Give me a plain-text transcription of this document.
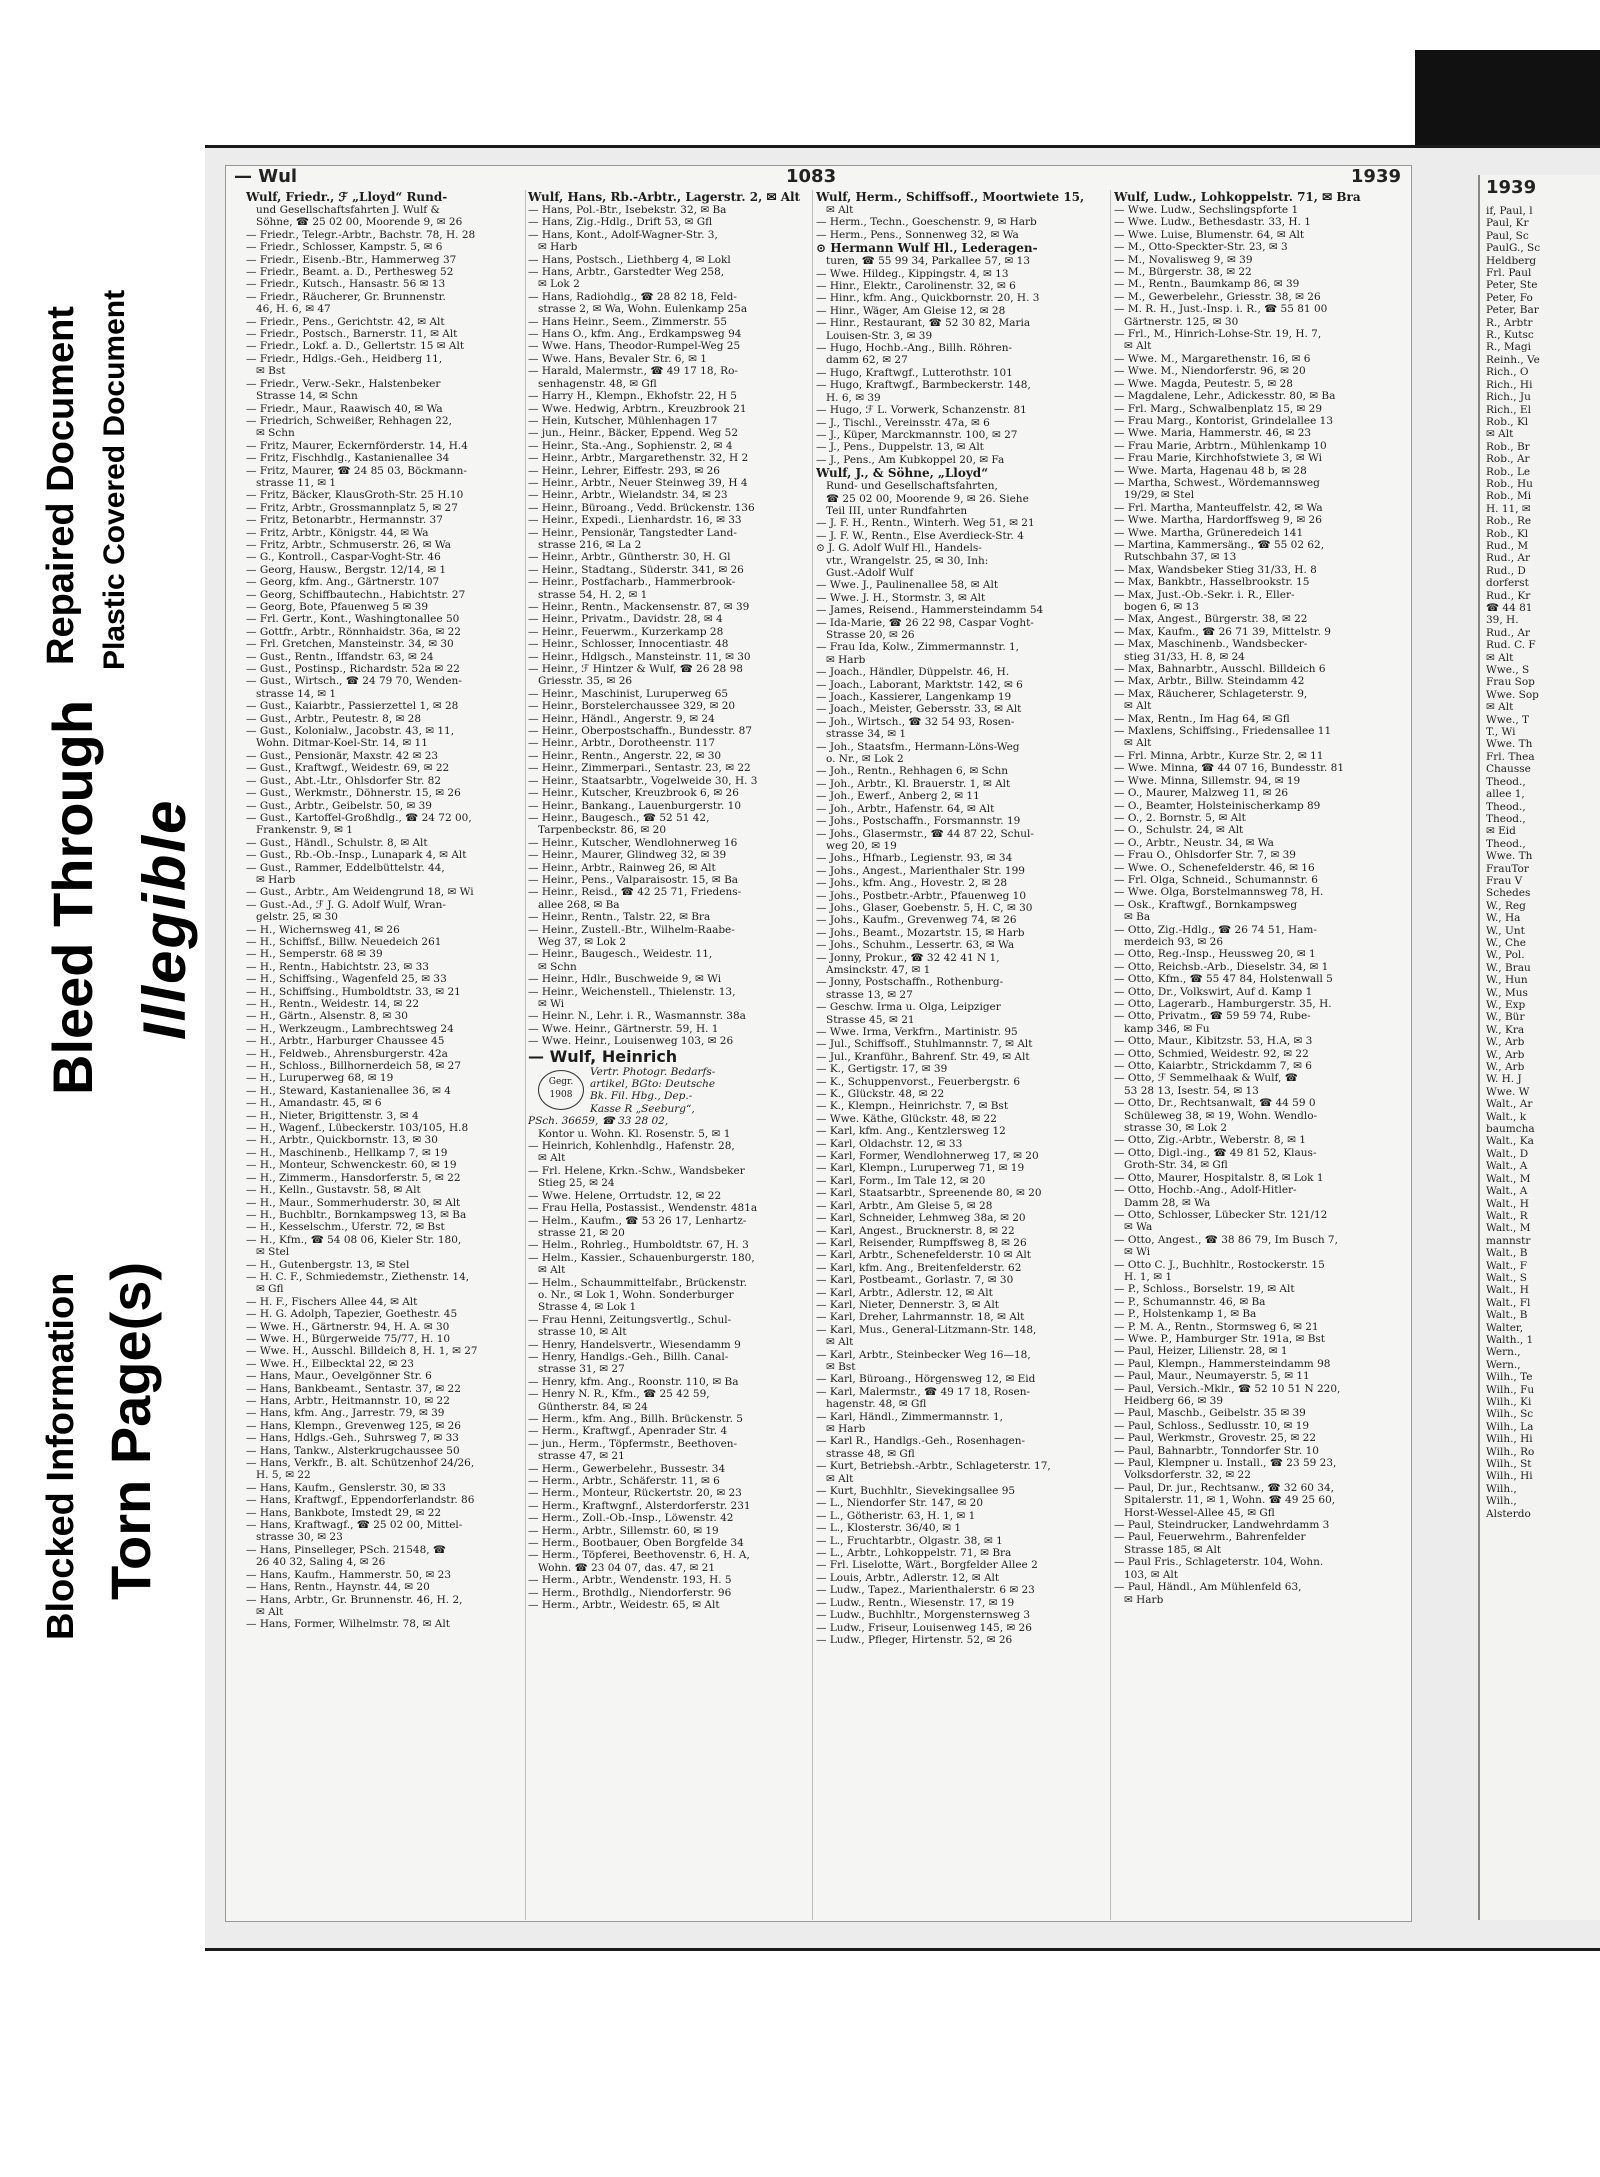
Blocked Information Torn Page(s)
Bleed Through Illegible
Repaired Document Plastic Covered Document
— Wul	1083	1939
Wulf, Friedr., ℱ „Lloyd“ Rund-
und Gesellschaftsfahrten J. Wulf &
Söhne, ☎ 25 02 00, Moorende 9, ✉ 26
— Friedr., Telegr.-Arbtr., Bachstr. 78, H. 28
— Friedr., Schlosser, Kampstr. 5, ✉ 6
— Friedr., Eisenb.-Btr., Hammerweg 37
— Friedr., Beamt. a. D., Perthesweg 52
— Friedr., Kutsch., Hansastr. 56 ✉ 13
— Friedr., Räucherer, Gr. Brunnenstr.
46, H. 6, ✉ 47
— Friedr., Pens., Gerichtstr. 42, ✉ Alt
— Friedr., Postsch., Barnerstr. 11, ✉ Alt
— Friedr., Lokf. a. D., Gellertstr. 15 ✉ Alt
— Friedr., Hdlgs.-Geh., Heidberg 11,
✉ Bst
— Friedr., Verw.-Sekr., Halstenbeker
Strasse 14, ✉ Schn
— Friedr., Maur., Raawisch 40, ✉ Wa
— Friedrich, Schweißer, Rehhagen 22,
✉ Schn
— Fritz, Maurer, Eckernförderstr. 14, H.4
— Fritz, Fischhdlg., Kastanienallee 34
— Fritz, Maurer, ☎ 24 85 03, Böckmann-
strasse 11, ✉ 1
— Fritz, Bäcker, KlausGroth-Str. 25 H.10
— Fritz, Arbtr., Grossmannplatz 5, ✉ 27
— Fritz, Betonarbtr., Hermannstr. 37
— Fritz, Arbtr., Königstr. 44, ✉ Wa
— Fritz, Arbtr., Schmuserstr. 26, ✉ Wa
— G., Kontroll., Caspar-Voght-Str. 46
— Georg, Hausw., Bergstr. 12/14, ✉ 1
— Georg, kfm. Ang., Gärtnerstr. 107
— Georg, Schiffbautechn., Habichtstr. 27
— Georg, Bote, Pfauenweg 5 ✉ 39
— Frl. Gertr., Kont., Washingtonallee 50
— Gottfr., Arbtr., Rönnhaidstr. 36a, ✉ 22
— Frl. Gretchen, Mansteinstr. 34, ✉ 30
— Gust., Rentn., Iffandstr. 63, ✉ 24
— Gust., Postinsp., Richardstr. 52a ✉ 22
— Gust., Wirtsch., ☎ 24 79 70, Wenden-
strasse 14, ✉ 1
— Gust., Kaiarbtr., Passierzettel 1, ✉ 28
— Gust., Arbtr., Peutestr. 8, ✉ 28
— Gust., Kolonialw., Jacobstr. 43, ✉ 11,
Wohn. Ditmar-Koel-Str. 14, ✉ 11
— Gust., Pensionär, Maxstr. 42 ✉ 23
— Gust., Kraftwgf., Weidestr. 69, ✉ 22
— Gust., Abt.-Ltr., Ohlsdorfer Str. 82
— Gust., Werkmstr., Döhnerstr. 15, ✉ 26
— Gust., Arbtr., Geibelstr. 50, ✉ 39
— Gust., Kartoffel-Großhdlg., ☎ 24 72 00,
Frankenstr. 9, ✉ 1
— Gust., Händl., Schulstr. 8, ✉ Alt
— Gust., Rb.-Ob.-Insp., Lunapark 4, ✉ Alt
— Gust., Rammer, Eddelbüttelstr. 44,
✉ Harb
— Gust., Arbtr., Am Weidengrund 18, ✉ Wi
— Gust.-Ad., ℱ J. G. Adolf Wulf, Wran-
gelstr. 25, ✉ 30
— H., Wichernsweg 41, ✉ 26
— H., Schiffsf., Billw. Neuedeich 261
— H., Semperstr. 68 ✉ 39
— H., Rentn., Habichtstr. 23, ✉ 33
— H., Schiffsing., Wagenfeld 25, ✉ 33
— H., Schiffsing., Humboldtstr. 33, ✉ 21
— H., Rentn., Weidestr. 14, ✉ 22
— H., Gärtn., Alsenstr. 8, ✉ 30
— H., Werkzeugm., Lambrechtsweg 24
— H., Arbtr., Harburger Chaussee 45
— H., Feldweb., Ahrensburgerstr. 42a
— H., Schloss., Billhornerdeich 58, ✉ 27
— H., Luruperweg 68, ✉ 19
— H., Steward, Kastanienallee 36, ✉ 4
— H., Amandastr. 45, ✉ 6
— H., Nieter, Brigittenstr. 3, ✉ 4
— H., Wagenf., Lübeckerstr. 103/105, H.8
— H., Arbtr., Quickbornstr. 13, ✉ 30
— H., Maschinenb., Hellkamp 7, ✉ 19
— H., Monteur, Schwenckestr. 60, ✉ 19
— H., Zimmerm., Hansdorferstr. 5, ✉ 22
— H., Kelln., Gustavstr. 58, ✉ Alt
— H., Maur., Sommerhuderstr. 30, ✉ Alt
— H., Buchbltr., Bornkampsweg 13, ✉ Ba
— H., Kesselschm., Uferstr. 72, ✉ Bst
— H., Kfm., ☎ 54 08 06, Kieler Str. 180,
✉ Stel
— H., Gutenbergstr. 13, ✉ Stel
— H. C. F., Schmiedemstr., Ziethenstr. 14,
✉ Gfl
— H. F., Fischers Allee 44, ✉ Alt
— H. G. Adolph, Tapezier, Goethestr. 45
— Wwe. H., Gärtnerstr. 94, H. A. ✉ 30
— Wwe. H., Bürgerweide 75/77, H. 10
— Wwe. H., Ausschl. Billdeich 8, H. 1, ✉ 27
— Wwe. H., Eilbecktal 22, ✉ 23
— Hans, Maur., Oevelgönner Str. 6
— Hans, Bankbeamt., Sentastr. 37, ✉ 22
— Hans, Arbtr., Heitmannstr. 10, ✉ 22
— Hans, kfm. Ang., Jarrestr. 79, ✉ 39
— Hans, Klempn., Grevenweg 125, ✉ 26
— Hans, Hdlgs.-Geh., Suhrsweg 7, ✉ 33
— Hans, Tankw., Alsterkrugchaussee 50
— Hans, Verkfr., B. alt. Schützenhof 24/26,
H. 5, ✉ 22
— Hans, Kaufm., Genslerstr. 30, ✉ 33
— Hans, Kraftwgf., Eppendorferlandstr. 86
— Hans, Bankbote, Imstedt 29, ✉ 22
— Hans, Kraftwagf., ☎ 25 02 00, Mittel-
strasse 30, ✉ 23
— Hans, Pinselleger, PSch. 21548, ☎
26 40 32, Saling 4, ✉ 26
— Hans, Kaufm., Hammerstr. 50, ✉ 23
— Hans, Rentn., Haynstr. 44, ✉ 20
— Hans, Arbtr., Gr. Brunnenstr. 46, H. 2,
✉ Alt
— Hans, Former, Wilhelmstr. 78, ✉ Alt
Wulf, Hans, Rb.-Arbtr., Lagerstr. 2, ✉ Alt
— Hans, Pol.-Btr., Isebekstr. 32, ✉ Ba
— Hans, Zig.-Hdlg., Drift 53, ✉ Gfl
— Hans, Kont., Adolf-Wagner-Str. 3,
✉ Harb
— Hans, Postsch., Liethberg 4, ✉ Lokl
— Hans, Arbtr., Garstedter Weg 258,
✉ Lok 2
— Hans, Radiohdlg., ☎ 28 82 18, Feld-
strasse 2, ✉ Wa, Wohn. Eulenkamp 25a
— Hans Heinr., Seem., Zimmerstr. 55
— Hans O., kfm. Ang., Erdkampsweg 94
— Wwe. Hans, Theodor-Rumpel-Weg 25
— Wwe. Hans, Bevaler Str. 6, ✉ 1
— Harald, Malermstr., ☎ 49 17 18, Ro-
senhagenstr. 48, ✉ Gfl
— Harry H., Klempn., Ekhofstr. 22, H 5
— Wwe. Hedwig, Arbtrn., Kreuzbrook 21
— Hein, Kutscher, Mühlenhagen 17
— jun., Heinr., Bäcker, Eppend. Weg 52
— Heinr., Sta.-Ang., Sophienstr. 2, ✉ 4
— Heinr., Arbtr., Margarethenstr. 32, H 2
— Heinr., Lehrer, Eiffestr. 293, ✉ 26
— Heinr., Arbtr., Neuer Steinweg 39, H 4
— Heinr., Arbtr., Wielandstr. 34, ✉ 23
— Heinr., Büroang., Vedd. Brückenstr. 136
— Heinr., Expedi., Lienhardstr. 16, ✉ 33
— Heinr., Pensionär, Tangstedter Land-
strasse 216, ✉ La 2
— Heinr., Arbtr., Güntherstr. 30, H. Gl
— Heinr., Stadtang., Süderstr. 341, ✉ 26
— Heinr., Postfacharb., Hammerbrook-
strasse 54, H. 2, ✉ 1
— Heinr., Rentn., Mackensenstr. 87, ✉ 39
— Heinr., Privatm., Davidstr. 28, ✉ 4
— Heinr., Feuerwm., Kurzerkamp 28
— Heinr., Schlosser, Innocentiastr. 48
— Heinr., Hdlgsch., Mansteinstr. 11, ✉ 30
— Heinr., ℱ Hintzer & Wulf, ☎ 26 28 98
Griesstr. 35, ✉ 26
— Heinr., Maschinist, Luruperweg 65
— Heinr., Borstelerchaussee 329, ✉ 20
— Heinr., Händl., Angerstr. 9, ✉ 24
— Heinr., Oberpostschaffn., Bundesstr. 87
— Heinr., Arbtr., Dorotheenstr. 117
— Heinr., Rentn., Angerstr. 22, ✉ 30
— Heinr., Zimmerpari., Sentastr. 23, ✉ 22
— Heinr., Staatsarbtr., Vogelweide 30, H. 3
— Heinr., Kutscher, Kreuzbrook 6, ✉ 26
— Heinr., Bankang., Lauenburgerstr. 10
— Heinr., Baugesch., ☎ 52 51 42,
Tarpenbeckstr. 86, ✉ 20
— Heinr., Kutscher, Wendlohnerweg 16
— Heinr., Maurer, Glindweg 32, ✉ 39
— Heinr., Arbtr., Rainweg 26, ✉ Alt
— Heinr., Pens., Valparaisostr. 15, ✉ Ba
— Heinr., Reisd., ☎ 42 25 71, Friedens-
allee 268, ✉ Ba
— Heinr., Rentn., Talstr. 22, ✉ Bra
— Heinr., Zustell.-Btr., Wilhelm-Raabe-
Weg 37, ✉ Lok 2
— Heinr., Baugesch., Weidestr. 11,
✉ Schn
— Heinr., Hdlr., Buschweide 9, ✉ Wi
— Heinr., Weichenstell., Thielenstr. 13,
✉ Wi
— Heinr. N., Lehr. i. R., Wasmannstr. 38a
— Wwe. Heinr., Gärtnerstr. 59, H. 1
— Wwe. Heinr., Louisenweg 103, ✉ 26
— Wulf, Heinrich
Gegr.
1908
Vertr. Photogr. Bedarfs-
artikel, BGto: Deutsche
Bk. Fil. Hbg., Dep.-
Kasse R „Seeburg“,
PSch. 36659, ☎ 33 28 02,
Kontor u. Wohn. Kl. Rosenstr. 5, ✉ 1
— Heinrich, Kohlenhdlg., Hafenstr. 28,
✉ Alt
— Frl. Helene, Krkn.-Schw., Wandsbeker
Stieg 25, ✉ 24
— Wwe. Helene, Orrtudstr. 12, ✉ 22
— Frau Hella, Postassist., Wendenstr. 481a
— Helm., Kaufm., ☎ 53 26 17, Lenhartz-
strasse 21, ✉ 20
— Helm., Rohrleg., Humboldtstr. 67, H. 3
— Helm., Kassier., Schauenburgerstr. 180,
✉ Alt
— Helm., Schaummittelfabr., Brückenstr.
o. Nr., ✉ Lok 1, Wohn. Sonderburger
Strasse 4, ✉ Lok 1
— Frau Henni, Zeitungsvertlg., Schul-
strasse 10, ✉ Alt
— Henry, Handelsvertr., Wiesendamm 9
— Henry, Handlgs.-Geh., Billh. Canal-
strasse 31, ✉ 27
— Henry, kfm. Ang., Roonstr. 110, ✉ Ba
— Henry N. R., Kfm., ☎ 25 42 59,
Güntherstr. 84, ✉ 24
— Herm., kfm. Ang., Billh. Brückenstr. 5
— Herm., Kraftwgf., Apenrader Str. 4
— jun., Herm., Töpfermstr., Beethoven-
strasse 47, ✉ 21
— Herm., Gewerbelehr., Bussestr. 34
— Herm., Arbtr., Schäferstr. 11, ✉ 6
— Herm., Monteur, Rückertstr. 20, ✉ 23
— Herm., Kraftwgnf., Alsterdorferstr. 231
— Herm., Zoll.-Ob.-Insp., Löwenstr. 42
— Herm., Arbtr., Sillemstr. 60, ✉ 19
— Herm., Bootbauer, Oben Borgfelde 34
— Herm., Töpferei, Beethovenstr. 6, H. A,
Wohn. ☎ 23 04 07, das. 47, ✉ 21
— Herm., Arbtr., Wendenstr. 193, H. 5
— Herm., Brothdlg., Niendorferstr. 96
— Herm., Arbtr., Weidestr. 65, ✉ Alt
Wulf, Herm., Schiffsoff., Moortwiete 15,
✉ Alt
— Herm., Techn., Goeschenstr. 9, ✉ Harb
— Herm., Pens., Sonnenweg 32, ✉ Wa
⊙ Hermann Wulf Hl., Lederagen-
turen, ☎ 55 99 34, Parkallee 57, ✉ 13
— Wwe. Hildeg., Kippingstr. 4, ✉ 13
— Hinr., Elektr., Carolinenstr. 32, ✉ 6
— Hinr., kfm. Ang., Quickbornstr. 20, H. 3
— Hinr., Wäger, Am Gleise 12, ✉ 28
— Hinr., Restaurant, ☎ 52 30 82, Maria
Louisen-Str. 3, ✉ 39
— Hugo, Hochb.-Ang., Billh. Röhren-
damm 62, ✉ 27
— Hugo, Kraftwgf., Lutterothstr. 101
— Hugo, Kraftwgf., Barmbeckerstr. 148,
H. 6, ✉ 39
— Hugo, ℱ L. Vorwerk, Schanzenstr. 81
— J., Tischl., Vereinsstr. 47a, ✉ 6
— J., Küper, Marckmannstr. 100, ✉ 27
— J., Pens., Duppelstr. 13, ✉ Alt
— J., Pens., Am Kubkoppel 20, ✉ Fa
Wulf, J., & Söhne, „Lloyd“
Rund- und Gesellschaftsfahrten,
☎ 25 02 00, Moorende 9, ✉ 26. Siehe
Teil III, unter Rundfahrten
— J. F. H., Rentn., Winterh. Weg 51, ✉ 21
— J. F. W., Rentn., Else Averdieck-Str. 4
⊙ J. G. Adolf Wulf Hl., Handels-
vtr., Wrangelstr. 25, ✉ 30, Inh:
Gust.-Adolf Wulf
— Wwe. J., Paulinenallee 58, ✉ Alt
— Wwe. J. H., Stormstr. 3, ✉ Alt
— James, Reisend., Hammersteindamm 54
— Ida-Marie, ☎ 26 22 98, Caspar Voght-
Strasse 20, ✉ 26
— Frau Ida, Kolw., Zimmermannstr. 1,
✉ Harb
— Joach., Händler, Düppelstr. 46, H.
— Joach., Laborant, Marktstr. 142, ✉ 6
— Joach., Kassierer, Langenkamp 19
— Joach., Meister, Gebersstr. 33, ✉ Alt
— Joh., Wirtsch., ☎ 32 54 93, Rosen-
strasse 34, ✉ 1
— Joh., Staatsfm., Hermann-Löns-Weg
o. Nr., ✉ Lok 2
— Joh., Rentn., Rehhagen 6, ✉ Schn
— Joh., Arbtr., Kl. Brauerstr. 1, ✉ Alt
— Joh., Ewerf., Anberg 2, ✉ 11
— Joh., Arbtr., Hafenstr. 64, ✉ Alt
— Johs., Postschaffn., Forsmannstr. 19
— Johs., Glasermstr., ☎ 44 87 22, Schul-
weg 20, ✉ 19
— Johs., Hfnarb., Legienstr. 93, ✉ 34
— Johs., Angest., Marienthaler Str. 199
— Johs., kfm. Ang., Hovestr. 2, ✉ 28
— Johs., Postbetr.-Arbtr., Pfauenweg 10
— Johs., Glaser, Goebenstr. 5, H. C, ✉ 30
— Johs., Kaufm., Grevenweg 74, ✉ 26
— Johs., Beamt., Mozartstr. 15, ✉ Harb
— Johs., Schuhm., Lessertr. 63, ✉ Wa
— Jonny, Prokur., ☎ 32 42 41 N 1,
Amsinckstr. 47, ✉ 1
— Jonny, Postschaffn., Rothenburg-
strasse 13, ✉ 27
— Geschw. Irma u. Olga, Leipziger
Strasse 45, ✉ 21
— Wwe. Irma, Verkfrn., Martinistr. 95
— Jul., Schiffsoff., Stuhlmannstr. 7, ✉ Alt
— Jul., Kranführ., Bahrenf. Str. 49, ✉ Alt
— K., Gertigstr. 17, ✉ 39
— K., Schuppenvorst., Feuerbergstr. 6
— K., Glückstr. 48, ✉ 22
— K., Klempn., Heinrichstr. 7, ✉ Bst
— Wwe. Käthe, Glückstr. 48, ✉ 22
— Karl, kfm. Ang., Kentzlersweg 12
— Karl, Oldachstr. 12, ✉ 33
— Karl, Former, Wendlohnerweg 17, ✉ 20
— Karl, Klempn., Luruperweg 71, ✉ 19
— Karl, Form., Im Tale 12, ✉ 20
— Karl, Staatsarbtr., Spreenende 80, ✉ 20
— Karl, Arbtr., Am Gleise 5, ✉ 28
— Karl, Schneider, Lehmweg 38a, ✉ 20
— Karl, Angest., Brucknerstr. 8, ✉ 22
— Karl, Reisender, Rumpffsweg 8, ✉ 26
— Karl, Arbtr., Schenefelderstr. 10 ✉ Alt
— Karl, kfm. Ang., Breitenfelderstr. 62
— Karl, Postbeamt., Gorlastr. 7, ✉ 30
— Karl, Arbtr., Adlerstr. 12, ✉ Alt
— Karl, Nieter, Dennerstr. 3, ✉ Alt
— Karl, Dreher, Lahrmannstr. 18, ✉ Alt
— Karl, Mus., General-Litzmann-Str. 148,
✉ Alt
— Karl, Arbtr., Steinbecker Weg 16—18,
✉ Bst
— Karl, Büroang., Hörgensweg 12, ✉ Eid
— Karl, Malermstr., ☎ 49 17 18, Rosen-
hagenstr. 48, ✉ Gfl
— Karl, Händl., Zimmermannstr. 1,
✉ Harb
— Karl R., Handlgs.-Geh., Rosenhagen-
strasse 48, ✉ Gfl
— Kurt, Betriebsh.-Arbtr., Schlageterstr. 17,
✉ Alt
— Kurt, Buchhltr., Sievekingsallee 95
— L., Niendorfer Str. 147, ✉ 20
— L., Götheristr. 63, H. 1, ✉ 1
— L., Klosterstr. 36/40, ✉ 1
— L., Fruchtarbtr., Olgastr. 38, ✉ 1
— L., Arbtr., Lohkoppelstr. 71, ✉ Bra
— Frl. Liselotte, Wärt., Borgfelder Allee 2
— Louis, Arbtr., Adlerstr. 12, ✉ Alt
— Ludw., Tapez., Marienthalerstr. 6 ✉ 23
— Ludw., Rentn., Wiesenstr. 17, ✉ 19
— Ludw., Buchhltr., Morgensternsweg 3
— Ludw., Friseur, Louisenweg 145, ✉ 26
— Ludw., Pfleger, Hirtenstr. 52, ✉ 26
Wulf, Ludw., Lohkoppelstr. 71, ✉ Bra
— Wwe. Ludw., Sechslingspforte 1
— Wwe. Ludw., Bethesdastr. 33, H. 1
— Wwe. Luise, Blumenstr. 64, ✉ Alt
— M., Otto-Speckter-Str. 23, ✉ 3
— M., Novalisweg 9, ✉ 39
— M., Bürgerstr. 38, ✉ 22
— M., Rentn., Baumkamp 86, ✉ 39
— M., Gewerbelehr., Griesstr. 38, ✉ 26
— M. R. H., Just.-Insp. i. R., ☎ 55 81 00
Gärtnerstr. 125, ✉ 30
— Frl., M., Hinrich-Lohse-Str. 19, H. 7,
✉ Alt
— Wwe. M., Margarethenstr. 16, ✉ 6
— Wwe. M., Niendorferstr. 96, ✉ 20
— Wwe. Magda, Peutestr. 5, ✉ 28
— Magdalene, Lehr., Adickesstr. 80, ✉ Ba
— Frl. Marg., Schwalbenplatz 15, ✉ 29
— Frau Marg., Kontorist, Grindelallee 13
— Wwe. Maria, Hammerstr. 46, ✉ 23
— Frau Marie, Arbtrn., Mühlenkamp 10
— Frau Marie, Kirchhofstwiete 3, ✉ Wi
— Wwe. Marta, Hagenau 48 b, ✉ 28
— Martha, Schwest., Wördemannsweg
19/29, ✉ Stel
— Frl. Martha, Manteuffelstr. 42, ✉ Wa
— Wwe. Martha, Hardorffsweg 9, ✉ 26
— Wwe. Martha, Grüneredeich 141
— Martina, Kammersäng., ☎ 55 02 62,
Rutschbahn 37, ✉ 13
— Max, Wandsbeker Stieg 31/33, H. 8
— Max, Bankbtr., Hasselbrookstr. 15
— Max, Just.-Ob.-Sekr. i. R., Eller-
bogen 6, ✉ 13
— Max, Angest., Bürgerstr. 38, ✉ 22
— Max, Kaufm., ☎ 26 71 39, Mittelstr. 9
— Max, Maschinenb., Wandsbecker-
stieg 31/33, H. 8, ✉ 24
— Max, Bahnarbtr., Ausschl. Billdeich 6
— Max, Arbtr., Billw. Steindamm 42
— Max, Räucherer, Schlageterstr. 9,
✉ Alt
— Max, Rentn., Im Hag 64, ✉ Gfl
— Maxlens, Schiffsing., Friedensallee 11
✉ Alt
— Frl. Minna, Arbtr., Kurze Str. 2, ✉ 11
— Wwe. Minna, ☎ 44 07 16, Bundesstr. 81
— Wwe. Minna, Sillemstr. 94, ✉ 19
— O., Maurer, Malzweg 11, ✉ 26
— O., Beamter, Holsteinischerkamp 89
— O., 2. Bornstr. 5, ✉ Alt
— O., Schulstr. 24, ✉ Alt
— O., Arbtr., Neustr. 34, ✉ Wa
— Frau O., Ohlsdorfer Str. 7, ✉ 39
— Wwe. O., Schenefelderstr. 46, ✉ 16
— Frl. Olga, Schneid., Schumannstr. 6
— Wwe. Olga, Borstelmannsweg 78, H.
— Osk., Kraftwgf., Bornkampsweg
✉ Ba
— Otto, Zig.-Hdlg., ☎ 26 74 51, Ham-
merdeich 93, ✉ 26
— Otto, Reg.-Insp., Heussweg 20, ✉ 1
— Otto, Reichsb.-Arb., Dieselstr. 34, ✉ 1
— Otto, Kfm., ☎ 55 47 84, Holstenwall 5
— Otto, Dr., Volkswirt, Auf d. Kamp 1
— Otto, Lagerarb., Hamburgerstr. 35, H.
— Otto, Privatm., ☎ 59 59 74, Rube-
kamp 346, ✉ Fu
— Otto, Maur., Kibitzstr. 53, H.A, ✉ 3
— Otto, Schmied, Weidestr. 92, ✉ 22
— Otto, Kaiarbtr., Strickdamm 7, ✉ 6
— Otto, ℱ Semmelhaak & Wulf, ☎
53 28 13, Isestr. 54, ✉ 13
— Otto, Dr., Rechtsanwalt, ☎ 44 59 0
Schüleweg 38, ✉ 19, Wohn. Wendlo-
strasse 30, ✉ Lok 2
— Otto, Zig.-Arbtr., Weberstr. 8, ✉ 1
— Otto, Digl.-ing., ☎ 49 81 52, Klaus-
Groth-Str. 34, ✉ Gfl
— Otto, Maurer, Hospitalstr. 8, ✉ Lok 1
— Otto, Hochb.-Ang., Adolf-Hitler-
Damm 28, ✉ Wa
— Otto, Schlosser, Lübecker Str. 121/12
✉ Wa
— Otto, Angest., ☎ 38 86 79, Im Busch 7,
✉ Wi
— Otto C. J., Buchhltr., Rostockerstr. 15
H. 1, ✉ 1
— P., Schloss., Borselstr. 19, ✉ Alt
— P., Schumannstr. 46, ✉ Ba
— P., Holstenkamp 1, ✉ Ba
— P. M. A., Rentn., Stormsweg 6, ✉ 21
— Wwe. P., Hamburger Str. 191a, ✉ Bst
— Paul, Heizer, Lilienstr. 28, ✉ 1
— Paul, Klempn., Hammersteindamm 98
— Paul, Maur., Neumayerstr. 5, ✉ 11
— Paul, Versich.-Mklr., ☎ 52 10 51 N 220,
Heidberg 66, ✉ 39
— Paul, Maschb., Geibelstr. 35 ✉ 39
— Paul, Schloss., Sedlusstr. 10, ✉ 19
— Paul, Werkmstr., Grovestr. 25, ✉ 22
— Paul, Bahnarbtr., Tonndorfer Str. 10
— Paul, Klempner u. Install., ☎ 23 59 23,
Volksdorferstr. 32, ✉ 22
— Paul, Dr. jur., Rechtsanw., ☎ 32 60 34,
Spitalerstr. 11, ✉ 1, Wohn. ☎ 49 25 60,
Horst-Wessel-Allee 45, ✉ Gfl
— Paul, Steindrucker, Landwehrdamm 3
— Paul, Feuerwehrm., Bahrenfelder
Strasse 185, ✉ Alt
— Paul Fris., Schlageterstr. 104, Wohn.
103, ✉ Alt
— Paul, Händl., Am Mühlenfeld 63,
✉ Harb
1939
if, Paul, l
Paul, Kr
Paul, Sc
PaulG., Sc
Heldberg
Frl. Paul
Peter, Ste
Peter, Fo
Peter, Bar
R., Arbtr
R., Kutsc
R., Magi
Reinh., Ve
Rich., O
Rich., Hi
Rich., Ju
Rich., El
Rob., Kl
✉ Alt
Rob., Br
Rob., Ar
Rob., Le
Rob., Hu
Rob., Mi
H. 11, ✉
Rob., Re
Rob., Kl
Rud., M
Rud., Ar
Rud., D
dorferst
Rud., Kr
☎ 44 81
39, H.
Rud., Ar
Rud. C. F
✉ Alt
Wwe., S
Frau Sop
Wwe. Sop
✉ Alt
Wwe., T
T., Wi
Wwe. Th
Frl. Thea
Chausse
Theod.,
allee 1,
Theod.,
Theod.,
✉ Eid
Theod.,
Wwe. Th
FrauTor
Frau V
Schedes
W., Reg
W., Ha
W., Unt
W., Che
W., Pol.
W., Brau
W., Hun
W., Mus
W., Exp
W., Bür
W., Kra
W., Arb
W., Arb
W., Arb
W. H. J
Wwe. W
Walt., Ar
Walt., k
baumcha
Walt., Ka
Walt., D
Walt., A
Walt., M
Walt., A
Walt., H
Walt., R
Walt., M
mannstr
Walt., B
Walt., F
Walt., S
Walt., H
Walt., Fl
Walt., B
Walter,
Walth., 1
Wern.,
Wern.,
Wilh., Te
Wilh., Fu
Wilh., Ki
Wilh., Sc
Wilh., La
Wilh., Hi
Wilh., Ro
Wilh., St
Wilh., Hi
Wilh.,
Wilh.,
Alsterdo
